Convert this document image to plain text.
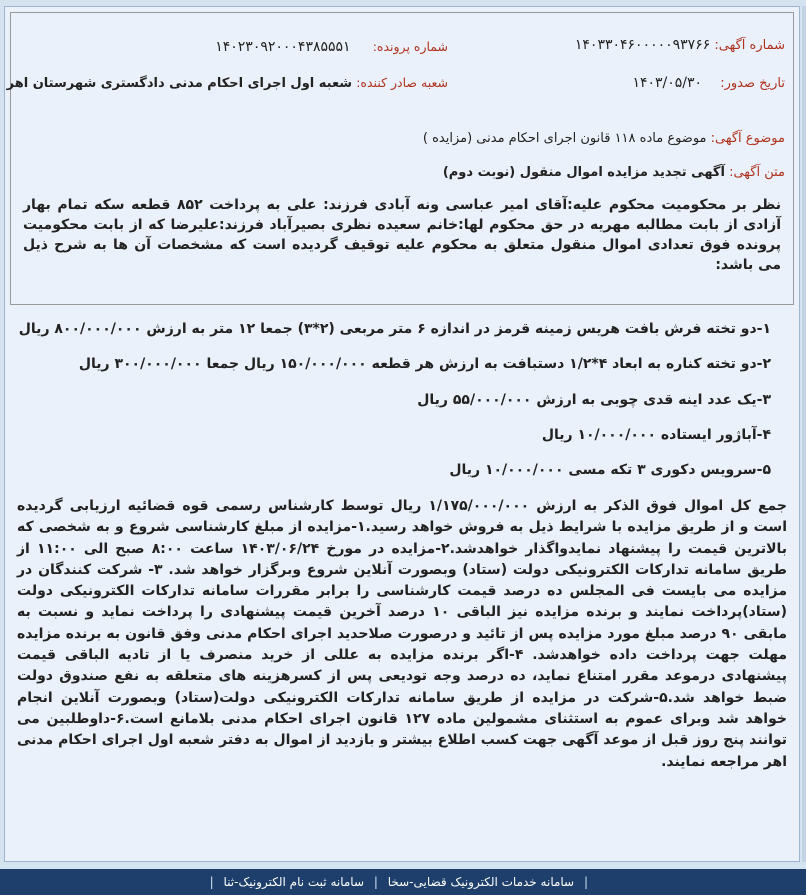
شماره آگهی: ۱۴۰۳۳۰۴۶۰۰۰۰۰۹۳۷۶۶
شماره پرونده: ۱۴۰۲۳۰۹۲۰۰۰۴۳۸۵۵۵۱
تاریخ صدور: ۱۴۰۳/۰۵/۳۰
شعبه صادر کننده: شعبه اول اجرای احکام مدنی دادگستری شهرستان اهر
موضوع آگهی: موضوع ماده ۱۱۸ قانون اجرای احکام مدنی (مزایده )
متن آگهی: آگهی تجدید مزایده اموال منقول (نوبت دوم)
نظر بر محکومیت محکوم علیه:آقای امیر عباسی ونه آبادی فرزند: علی به پرداخت ۸۵۲ قطعه سکه تمام بهار آزادی از بابت مطالبه مهریه در حق محکوم لها:خانم سعیده نظری بصیرآباد فرزند:علیرضا که از بابت محکومیت پرونده فوق تعدادی اموال منقول متعلق به محکوم علیه توقیف گردیده است که مشخصات آن ها به شرح ذیل می باشد:
۱-دو تخته فرش بافت هریس زمینه قرمز در اندازه ۶ متر مربعی (۲*۳) جمعا ۱۲ متر به ارزش ۸۰۰/۰۰۰/۰۰۰ ریال
۲-دو تخته کناره به ابعاد ۴*۱/۲ دستبافت به ارزش هر قطعه ۱۵۰/۰۰۰/۰۰۰ ریال جمعا ۳۰۰/۰۰۰/۰۰۰ ریال
۳-یک عدد اینه قدی چوبی به ارزش ۵۵/۰۰۰/۰۰۰ ریال
۴-آباژور ایستاده ۱۰/۰۰۰/۰۰۰ ریال
۵-سرویس دکوری ۳ تکه مسی ۱۰/۰۰۰/۰۰۰ ریال
جمع کل اموال فوق الذکر به ارزش ۱/۱۷۵/۰۰۰/۰۰۰ ریال توسط کارشناس رسمی قوه قضائیه ارزیابی گردیده است و از طریق مزایده با شرایط ذیل به فروش خواهد رسید.۱-مزایده از مبلغ کارشناسی شروع و به شخصی که بالاترین قیمت را پیشنهاد نمایدواگذار خواهدشد.۲-مزایده در مورخ ۱۴۰۳/۰۶/۲۴ ساعت ۸:۰۰ صبح الی ۱۱:۰۰ از طریق سامانه تدارکات الکترونیکی دولت (ستاد) وبصورت آنلاین شروع وبرگزار خواهد شد. ۳- شرکت کنندگان در مزایده می بایست فی المجلس ده درصد قیمت کارشناسی را برابر مقررات سامانه تدارکات الکترونیکی دولت (ستاد)پرداخت نمایند و برنده مزایده نیز الباقی ۱۰ درصد آخرین قیمت پیشنهادی را پرداخت نماید و نسبت به مابقی ۹۰ درصد مبلغ مورد مزایده پس از تائید و درصورت صلاحدید اجرای احکام مدنی وفق قانون به برنده مزایده مهلت جهت پرداخت داده خواهدشد. ۴-اگر برنده مزایده به عللی از خرید منصرف یا از تادیه الباقی قیمت پیشنهادی درموعد مقرر امتناع نماید، ده درصد وجه تودیعی پس از کسرهزینه های متعلقه به نفع صندوق دولت ضبط خواهد شد.۵-شرکت در مزایده از طریق سامانه تدارکات الکترونیکی دولت(ستاد) وبصورت آنلاین انجام خواهد شد وبرای عموم به استثنای مشمولین ماده ۱۲۷ قانون اجرای احکام مدنی بلامانع است.۶-داوطلبین می توانند پنج روز قبل از موعد آگهی جهت کسب اطلاع بیشتر و بازدید از اموال به دفتر شعبه اول اجرای احکام مدنی اهر مراجعه نمایند.
| سامانه خدمات الکترونیک قضایی-سخا | سامانه ثبت نام الکترونیک-ثنا |
